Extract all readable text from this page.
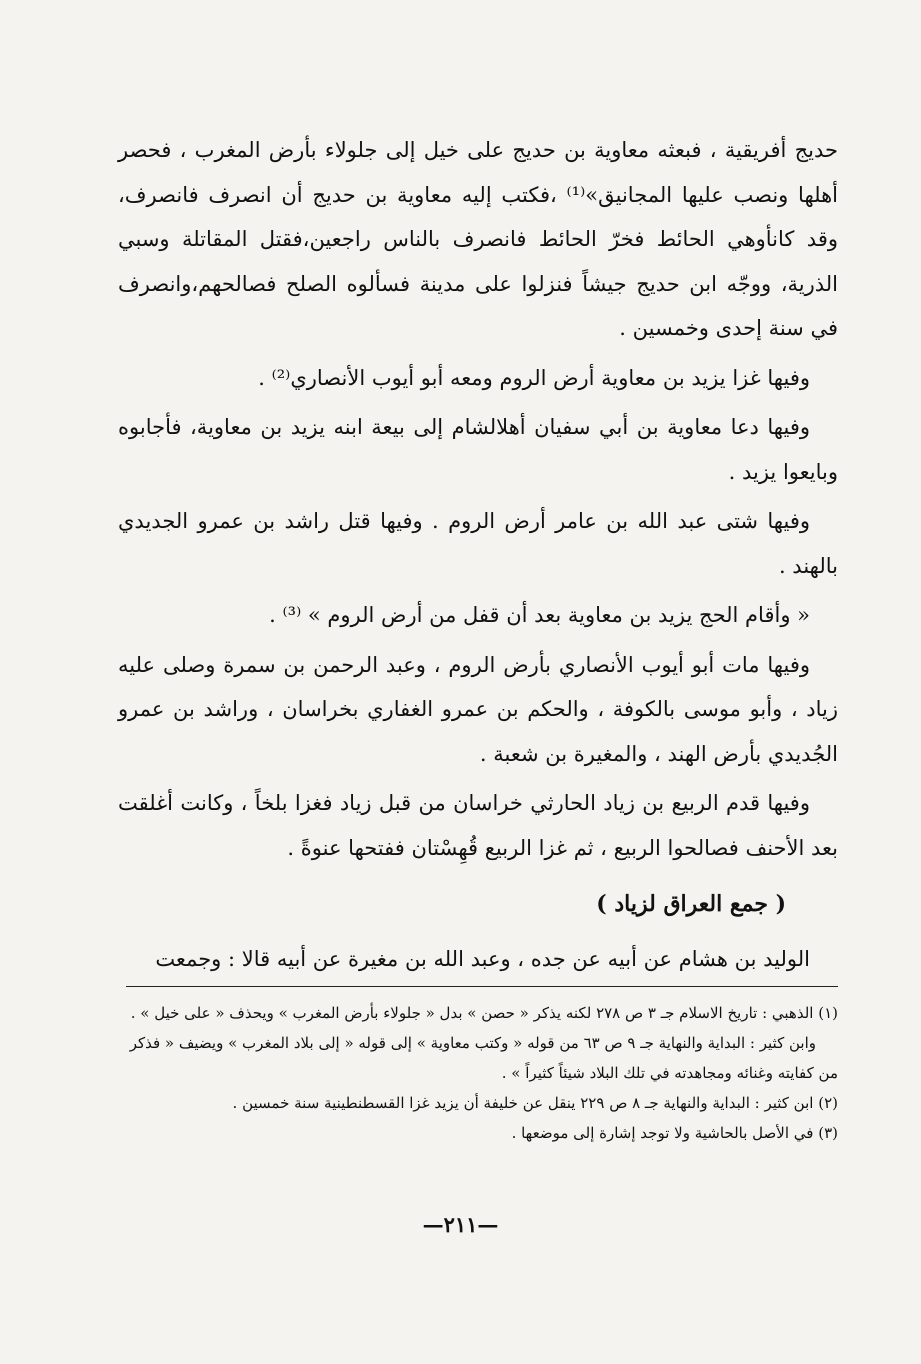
حديج أفريقية ، فبعثه معاوية بن حديج على خيل إلى جلولاء بأرض المغرب ، فحصر أهلها ونصب عليها المجانيق»⁽¹⁾ ،فكتب إليه معاوية بن حديج أن انصرف فانصرف، وقد كانأوهي الحائط فخرّ الحائط فانصرف بالناس راجعين،فقتل المقاتلة وسبي الذرية، ووجّه ابن حديج جيشاً فنزلوا على مدينة فسألوه الصلح فصالحهم،وانصرف في سنة إحدى وخمسين .

وفيها غزا يزيد بن معاوية أرض الروم ومعه أبو أيوب الأنصاري⁽²⁾ .

وفيها دعا معاوية بن أبي سفيان أهلالشام إلى بيعة ابنه يزيد بن معاوية، فأجابوه وبايعوا يزيد .

وفيها شتى عبد الله بن عامر أرض الروم . وفيها قتل راشد بن عمرو الجديدي بالهند .

« وأقام الحج يزيد بن معاوية بعد أن قفل من أرض الروم » ⁽³⁾ .

وفيها مات أبو أيوب الأنصاري بأرض الروم ، وعبد الرحمن بن سمرة وصلى عليه زياد ، وأبو موسى بالكوفة ، والحكم بن عمرو الغفاري بخراسان ، وراشد بن عمرو الجُديدي بأرض الهند ، والمغيرة بن شعبة .

وفيها قدم الربيع بن زياد الحارثي خراسان من قبل زياد فغزا بلخاً ، وكانت أغلقت بعد الأحنف فصالحوا الربيع ، ثم غزا الربيع قُهِسْتان ففتحها عنوةً .

( جمع العراق لزياد )

الوليد بن هشام عن أبيه عن جده ، وعبد الله بن مغيرة عن أبيه قالا : وجمعت

(١) الذهبي : تاريخ الاسلام جـ ٣ ص ٢٧٨ لكنه يذكر « حصن » بدل « جلولاء بأرض المغرب » ويحذف « على خيل » .

وابن كثير : البداية والنهاية جـ ٩ ص ٦٣ من قوله « وكتب معاوية » إلى قوله « إلى بلاد المغرب » ويضيف « فذكر من كفايته وغنائه ومجاهدته في تلك البلاد شيئاً كثيراً » .

(٢) ابن كثير : البداية والنهاية جـ ٨ ص ٢٢٩ ينقل عن خليفة أن يزيد غزا القسطنطينية سنة خمسين .

(٣) في الأصل بالحاشية ولا توجد إشارة إلى موضعها .

—٢١١—
